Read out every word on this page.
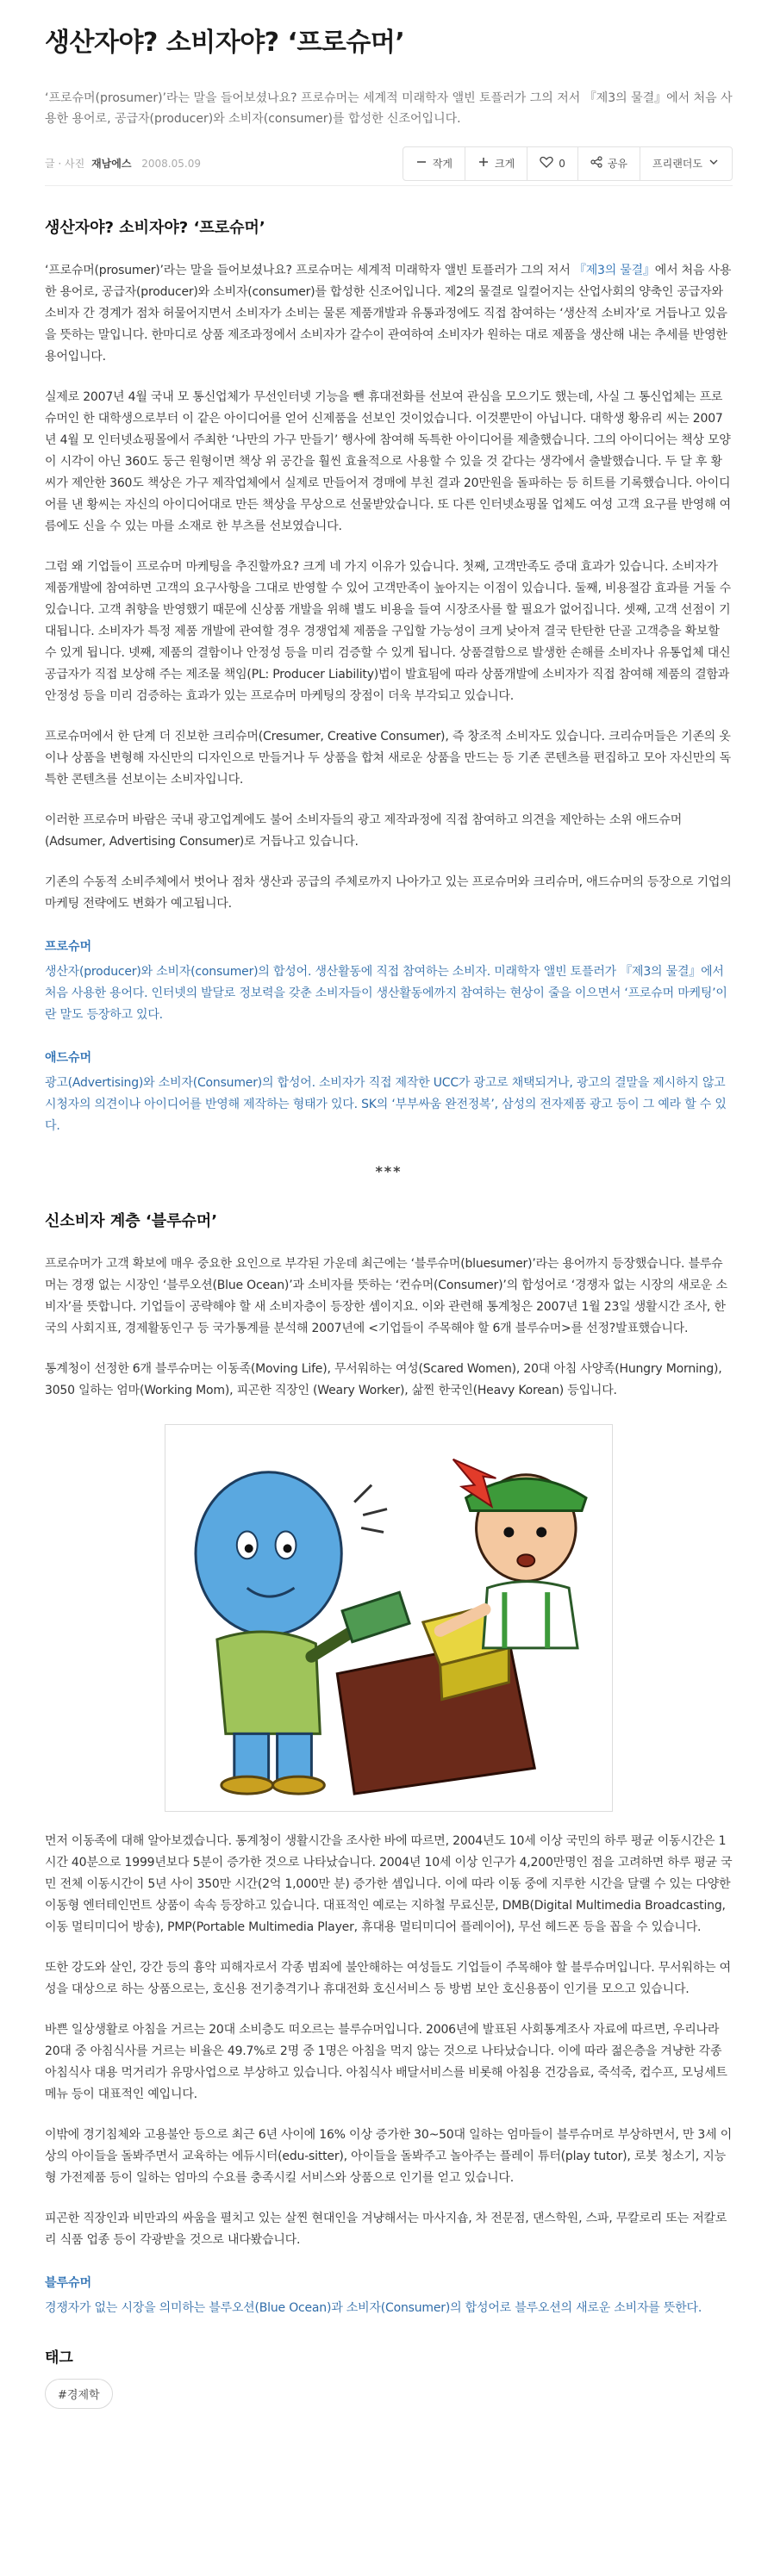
생산자야? 소비자야? ‘프로슈머’

‘프로슈머(prosumer)’라는 말을 들어보셨나요? 프로슈머는 세계적 미래학자 앨빈 토플러가 그의 저서 『제3의 물결』에서 처음 사용한 용어로, 공급자(producer)와 소비자(consumer)를 합성한 신조어입니다.

글 · 사진 재남에스 2008.05.09	작게	크게	0	공유 프리랜더도
생산자야? 소비자야? ‘프로슈머’

‘프로슈머(prosumer)’라는 말을 들어보셨나요? 프로슈머는 세계적 미래학자 앨빈 토플러가 그의 저서 『제3의 물결』에서 처음 사용한 용어로, 공급자(producer)와 소비자(consumer)를 합성한 신조어입니다. 제2의 물결로 일컬어지는 산업사회의 양축인 공급자와 소비자 간 경계가 점차 허물어지면서 소비자가 소비는 물론 제품개발과 유통과정에도 직접 참여하는 ‘생산적 소비자’로 거듭나고 있음을 뜻하는 말입니다. 한마디로 상품 제조과정에서 소비자가 갈수이 관여하여 소비자가 원하는 대로 제품을 생산해 내는 추세를 반영한 용어입니다.

실제로 2007년 4월 국내 모 통신업체가 무선인터넷 기능을 뺀 휴대전화를 선보여 관심을 모으기도 했는데, 사실 그 통신업체는 프로슈머인 한 대학생으로부터 이 같은 아이디어를 얻어 신제품을 선보인 것이었습니다. 이것뿐만이 아닙니다. 대학생 황유리 씨는 2007년 4월 모 인터넷쇼핑몰에서 주최한 ‘나만의 가구 만들기’ 행사에 참여해 독특한 아이디어를 제출했습니다. 그의 아이디어는 책상 모양이 시각이 아닌 360도 둥근 원형이면 책상 위 공간을 훨씬 효율적으로 사용할 수 있을 것 같다는 생각에서 출발했습니다. 두 달 후 황씨가 제안한 360도 책상은 가구 제작업체에서 실제로 만들어져 경매에 부친 결과 20만원을 돌파하는 등 히트를 기록했습니다. 아이디어를 낸 황씨는 자신의 아이디어대로 만든 책상을 무상으로 선물받았습니다. 또 다른 인터넷쇼핑몰 업체도 여성 고객 요구를 반영해 여름에도 신을 수 있는 마를 소재로 한 부츠를 선보였습니다.

그럼 왜 기업들이 프로슈머 마케팅을 추진할까요? 크게 네 가지 이유가 있습니다. 첫째, 고객만족도 증대 효과가 있습니다. 소비자가 제품개발에 참여하면 고객의 요구사항을 그대로 반영할 수 있어 고객만족이 높아지는 이점이 있습니다. 둘째, 비용절감 효과를 거둘 수 있습니다. 고객 취향을 반영했기 때문에 신상품 개발을 위해 별도 비용을 들여 시장조사를 할 필요가 없어집니다. 셋째, 고객 선점이 기대됩니다. 소비자가 특정 제품 개발에 관여할 경우 경쟁업체 제품을 구입할 가능성이 크게 낮아져 결국 탄탄한 단골 고객층을 확보할 수 있게 됩니다. 넷째, 제품의 결함이나 안정성 등을 미리 검증할 수 있게 됩니다. 상품결함으로 발생한 손해를 소비자나 유통업체 대신 공급자가 직접 보상해 주는 제조물 책임(PL: Producer Liability)법이 발효됨에 따라 상품개발에 소비자가 직접 참여해 제품의 결함과 안정성 등을 미리 검증하는 효과가 있는 프로슈머 마케팅의 장점이 더욱 부각되고 있습니다.

프로슈머에서 한 단계 더 진보한 크리슈머(Cresumer, Creative Consumer), 즉 창조적 소비자도 있습니다. 크리슈머들은 기존의 옷이나 상품을 변형해 자신만의 디자인으로 만들거나 두 상품을 합쳐 새로운 상품을 만드는 등 기존 콘텐츠를 편집하고 모아 자신만의 독특한 콘텐츠를 선보이는 소비자입니다.

이러한 프로슈머 바람은 국내 광고업계에도 불어 소비자들의 광고 제작과정에 직접 참여하고 의견을 제안하는 소위 애드슈머(Adsumer, Advertising Consumer)로 거듭나고 있습니다.

기존의 수동적 소비주체에서 벗어나 점차 생산과 공급의 주체로까지 나아가고 있는 프로슈머와 크리슈머, 애드슈머의 등장으로 기업의 마케팅 전략에도 변화가 예고됩니다.

프로슈머
생산자(producer)와 소비자(consumer)의 합성어. 생산활동에 직접 참여하는 소비자. 미래학자 앨빈 토플러가 『제3의 물결』에서 처음 사용한 용어다. 인터넷의 발달로 정보력을 갖춘 소비자들이 생산활동에까지 참여하는 현상이 줄을 이으면서 ‘프로슈머 마케팅’이란 말도 등장하고 있다.
애드슈머
광고(Advertising)와 소비자(Consumer)의 합성어. 소비자가 직접 제작한 UCC가 광고로 채택되거나, 광고의 결말을 제시하지 않고 시청자의 의견이나 아이디어를 반영해 제작하는 형태가 있다. SK의 ‘부부싸움 완전정복’, 삼성의 전자제품 광고 등이 그 예라 할 수 있다.
***
신소비자 계층 ‘블루슈머’

프로슈머가 고객 확보에 매우 중요한 요인으로 부각된 가운데 최근에는 ‘블루슈머(bluesumer)’라는 용어까지 등장했습니다. 블루슈머는 경쟁 없는 시장인 ‘블루오션(Blue Ocean)’과 소비자를 뜻하는 ‘컨슈머(Consumer)’의 합성어로 ‘경쟁자 없는 시장의 새로운 소비자’를 뜻합니다. 기업들이 공략해야 할 새 소비자층이 등장한 셈이지요. 이와 관련해 통계청은 2007년 1월 23일 생활시간 조사, 한국의 사회지표, 경제활동인구 등 국가통계를 분석해 2007년에 <기업들이 주목해야 할 6개 블루슈머>를 선정?발표했습니다.

통계청이 선정한 6개 블루슈머는 이동족(Moving Life), 무서워하는 여성(Scared Women), 20대 아침 사양족(Hungry Morning), 3050 일하는 엄마(Working Mom), 피곤한 직장인 (Weary Worker), 삶찐 한국인(Heavy Korean) 등입니다.

먼저 이동족에 대해 알아보겠습니다. 통계청이 생활시간을 조사한 바에 따르면, 2004년도 10세 이상 국민의 하루 평균 이동시간은 1시간 40분으로 1999년보다 5분이 증가한 것으로 나타났습니다. 2004년 10세 이상 인구가 4,200만명인 점을 고려하면 하루 평균 국민 전체 이동시간이 5년 사이 350만 시간(2억 1,000만 분) 증가한 셈입니다. 이에 따라 이동 중에 지루한 시간을 달랠 수 있는 다양한 이동형 엔터테인먼트 상품이 속속 등장하고 있습니다. 대표적인 예로는 지하철 무료신문, DMB(Digital Multimedia Broadcasting, 이동 멀티미디어 방송), PMP(Portable Multimedia Player, 휴대용 멀티미디어 플레이어), 무선 헤드폰 등을 꼽을 수 있습니다.

또한 강도와 살인, 강간 등의 흉악 피해자로서 각종 범죄에 불안해하는 여성들도 기업들이 주목해야 할 블루슈머입니다. 무서워하는 여성을 대상으로 하는 상품으로는, 호신용 전기충격기나 휴대전화 호신서비스 등 방범 보안 호신용품이 인기를 모으고 있습니다.

바쁜 일상생활로 아침을 거르는 20대 소비층도 떠오르는 블루슈머입니다. 2006년에 발표된 사회통계조사 자료에 따르면, 우리나라 20대 중 아침식사를 거르는 비율은 49.7%로 2명 중 1명은 아침을 먹지 않는 것으로 나타났습니다. 이에 따라 젊은층을 겨냥한 각종 아침식사 대용 먹거리가 유망사업으로 부상하고 있습니다. 아침식사 배달서비스를 비롯해 아침용 건강음료, 죽석죽, 컵수프, 모닝세트 메뉴 등이 대표적인 예입니다.

이밖에 경기침체와 고용불안 등으로 최근 6년 사이에 16% 이상 증가한 30~50대 일하는 엄마들이 블루슈머로 부상하면서, 만 3세 이상의 아이들을 돌봐주면서 교육하는 에듀시터(edu-sitter), 아이들을 돌봐주고 놀아주는 플레이 튜터(play tutor), 로봇 청소기, 지능형 가전제품 등이 일하는 엄마의 수요를 충족시킬 서비스와 상품으로 인기를 얻고 있습니다.

피곤한 직장인과 비만과의 싸움을 펼치고 있는 살찐 현대인을 겨냥해서는 마사지숍, 차 전문점, 댄스학원, 스파, 무칼로리 또는 저칼로리 식품 업종 등이 각광받을 것으로 내다봤습니다.

블루슈머
경쟁자가 없는 시장을 의미하는 블루오션(Blue Ocean)과 소비자(Consumer)의 합성어로 블루오션의 새로운 소비자를 뜻한다.
태그
#경제학
